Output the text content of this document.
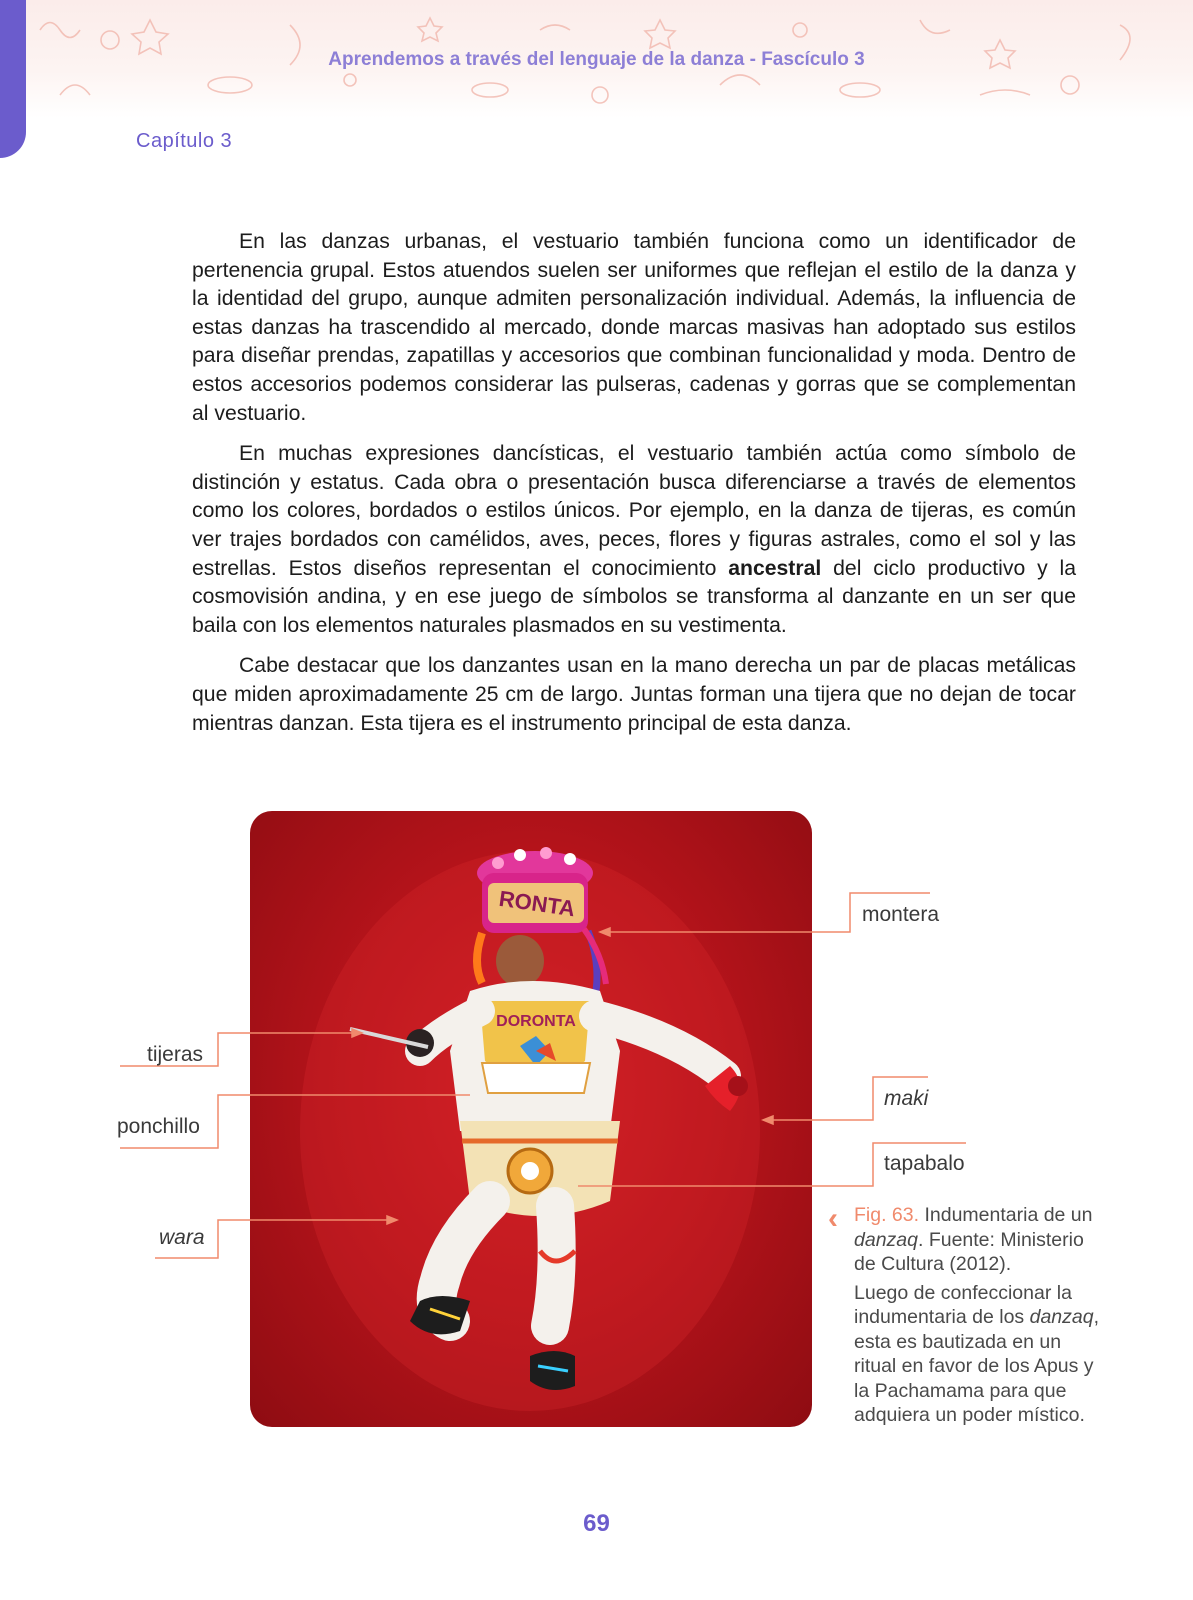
Aprendemos a través del lenguaje de la danza - Fascículo 3
Capítulo 3

En las danzas urbanas, el vestuario también funciona como un identificador de pertenencia grupal. Estos atuendos suelen ser uniformes que reflejan el estilo de la danza y la identidad del grupo, aunque admiten personalización individual. Además, la influencia de estas danzas ha trascendido al mercado, donde marcas masivas han adoptado sus estilos para diseñar prendas, zapatillas y accesorios que combinan funcionalidad y moda. Dentro de estos accesorios podemos considerar las pulseras, cadenas y gorras que se complementan al vestuario.

En muchas expresiones dancísticas, el vestuario también actúa como símbolo de distinción y estatus. Cada obra o presentación busca diferenciarse a través de elementos como los colores, bordados o estilos únicos. Por ejemplo, en la danza de tijeras, es común ver trajes bordados con camélidos, aves, peces, flores y figuras astrales, como el sol y las estrellas. Estos diseños representan el conocimiento ancestral del ciclo productivo y la cosmovisión andina, y en ese juego de símbolos se transforma al danzante en un ser que baila con los elementos naturales plasmados en su vestimenta.

Cabe destacar que los danzantes usan en la mano derecha un par de placas metálicas que miden aproximadamente 25 cm de largo. Juntas forman una tijera que no dejan de tocar mientras danzan. Esta tijera es el instrumento principal de esta danza.

RONTA
DORONTA
montera
tijeras
ponchillo
maki
tapabalo
wara
‹ Fig. 63. Indumentaria de un danzaq. Fuente: Ministerio de Cultura (2012).

Luego de confeccionar la indumentaria de los danzaq, esta es bautizada en un ritual en favor de los Apus y la Pachamama para que adquiera un poder místico.

69
